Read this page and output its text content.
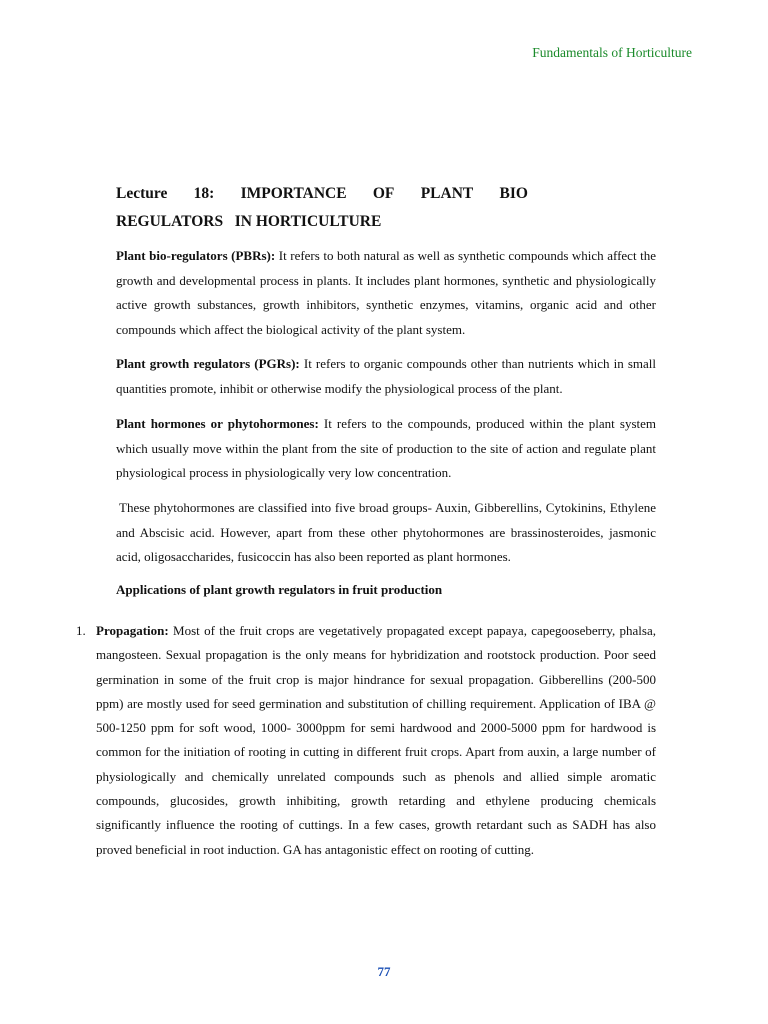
Fundamentals of Horticulture
Lecture 18: IMPORTANCE OF PLANT BIO
REGULATORS   IN HORTICULTURE
Plant bio-regulators (PBRs): It refers to both natural as well as synthetic compounds which affect the growth and developmental process in plants. It includes plant hormones, synthetic and physiologically active growth substances, growth inhibitors, synthetic enzymes, vitamins, organic acid and other compounds which affect the biological activity of the plant system.
Plant growth regulators (PGRs): It refers to organic compounds other than nutrients which in small quantities promote, inhibit or otherwise modify the physiological process of the plant.
Plant hormones or phytohormones: It refers to the compounds, produced within the plant system which usually move within the plant from the site of production to the site of action and regulate plant physiological process in physiologically very low concentration.
These phytohormones are classified into five broad groups- Auxin, Gibberellins, Cytokinins, Ethylene and Abscisic acid. However, apart from these other phytohormones are brassinosteroides, jasmonic acid, oligosaccharides, fusicoccin has also been reported as plant hormones.
Applications of plant growth regulators in fruit production
1. Propagation: Most of the fruit crops are vegetatively propagated except papaya, capegooseberry, phalsa, mangosteen. Sexual propagation is the only means for hybridization and rootstock production. Poor seed germination in some of the fruit crop is major hindrance for sexual propagation. Gibberellins (200-500 ppm) are mostly used for seed germination and substitution of chilling requirement. Application of IBA @ 500-1250 ppm for soft wood, 1000- 3000ppm for semi hardwood and 2000-5000 ppm for hardwood is common for the initiation of rooting in cutting in different fruit crops. Apart from auxin, a large number of physiologically and chemically unrelated compounds such as phenols and allied simple aromatic compounds, glucosides, growth inhibiting, growth retarding and ethylene producing chemicals significantly influence the rooting of cuttings. In a few cases, growth retardant such as SADH has also proved beneficial in root induction. GA has antagonistic effect on rooting of cutting.
77
